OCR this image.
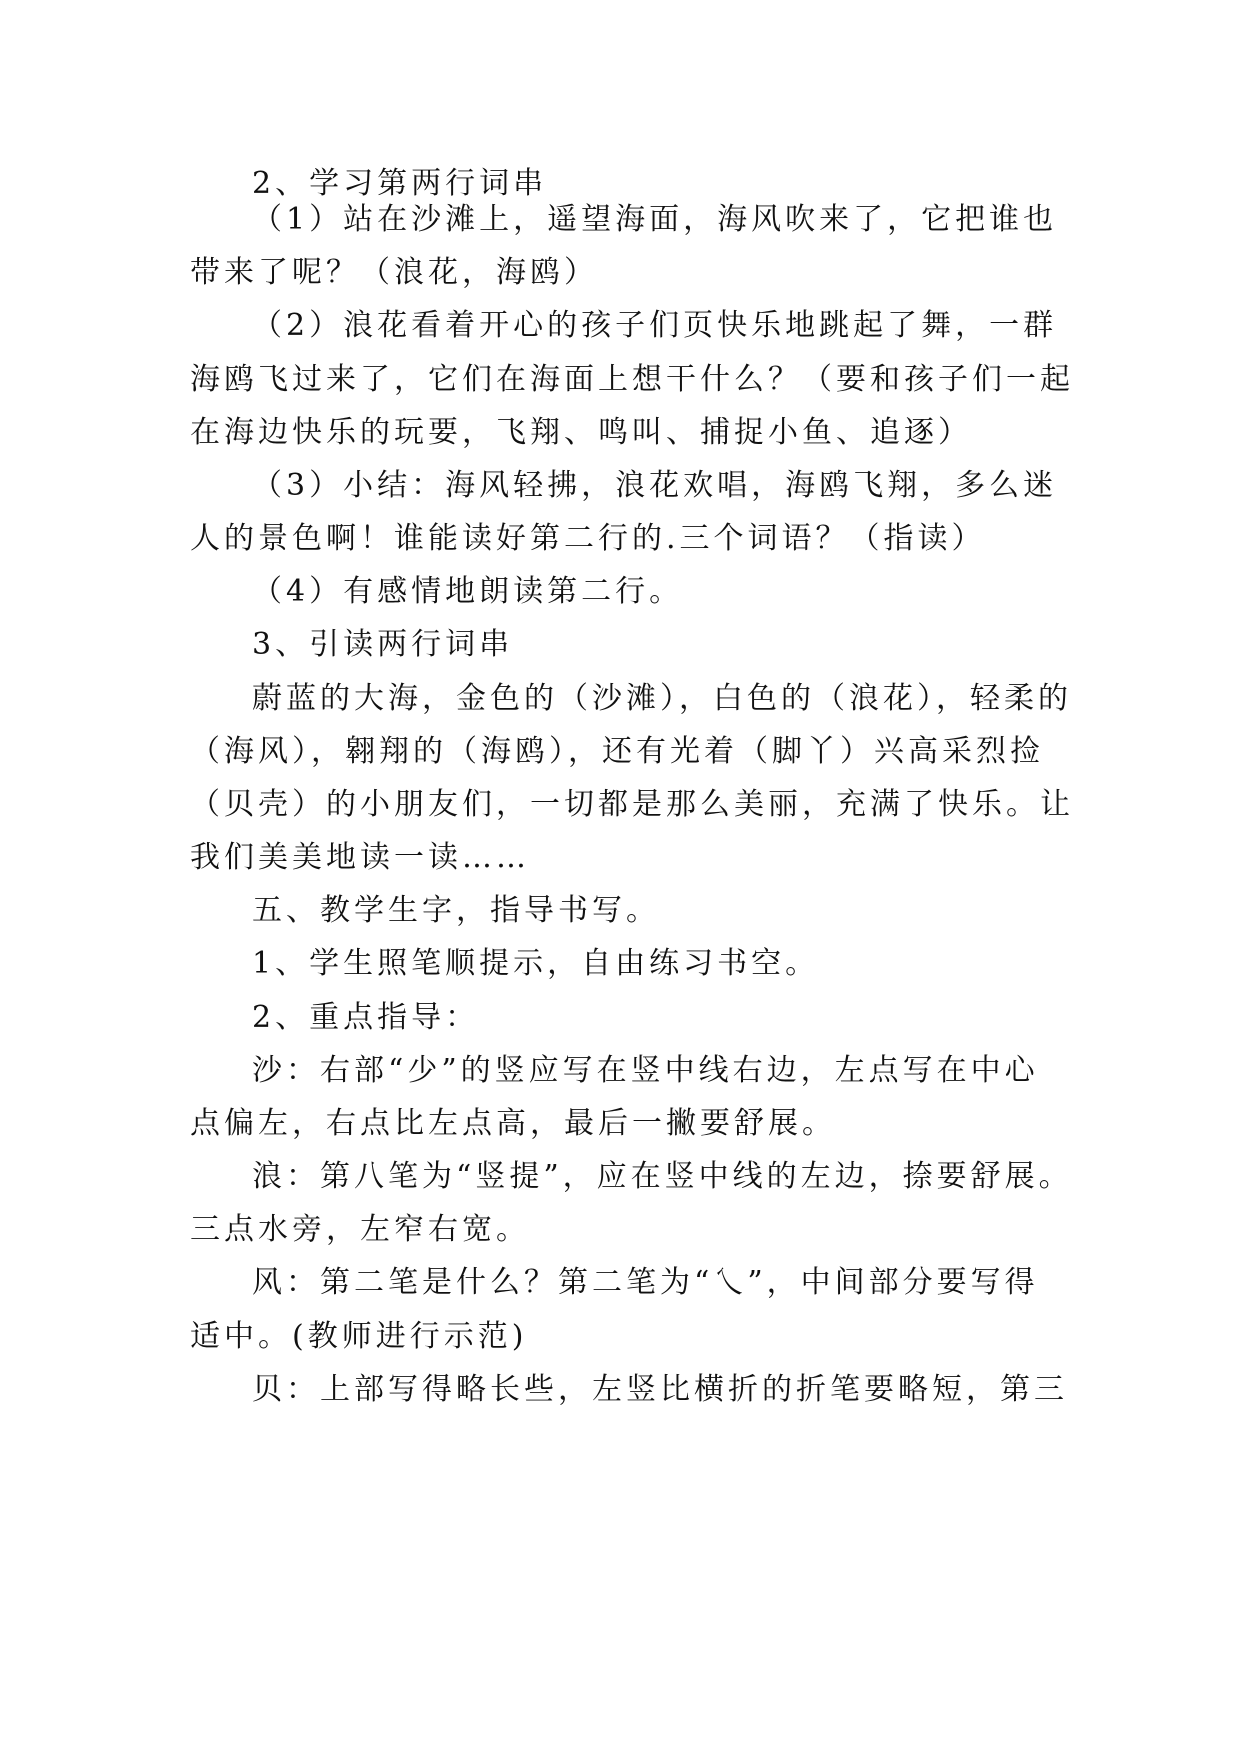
2、学习第两行词串
（1）站在沙滩上，遥望海面，海风吹来了，它把谁也
带来了呢？（浪花，海鸥）
（2）浪花看着开心的孩子们页快乐地跳起了舞，一群
海鸥飞过来了，它们在海面上想干什么？（要和孩子们一起
在海边快乐的玩要，飞翔、鸣叫、捕捉小鱼、追逐）
（3）小结：海风轻拂，浪花欢唱，海鸥飞翔，多么迷
人的景色啊！谁能读好第二行的.三个词语？（指读）
（4）有感情地朗读第二行。
3、引读两行词串
蔚蓝的大海，金色的（沙滩），白色的（浪花），轻柔的
（海风），翱翔的（海鸥），还有光着（脚丫）兴高采烈捡
（贝壳）的小朋友们，一切都是那么美丽，充满了快乐。让
我们美美地读一读……
五、教学生字，指导书写。
1、学生照笔顺提示，自由练习书空。
2、重点指导：
沙：右部“少”的竖应写在竖中线右边，左点写在中心
点偏左，右点比左点高，最后一撇要舒展。
浪：第八笔为“竖提”，应在竖中线的左边，捺要舒展。
三点水旁，左窄右宽。
风：第二笔是什么？第二笔为“乀”，中间部分要写得
适中。(教师进行示范)
贝：上部写得略长些，左竖比横折的折笔要略短，第三
